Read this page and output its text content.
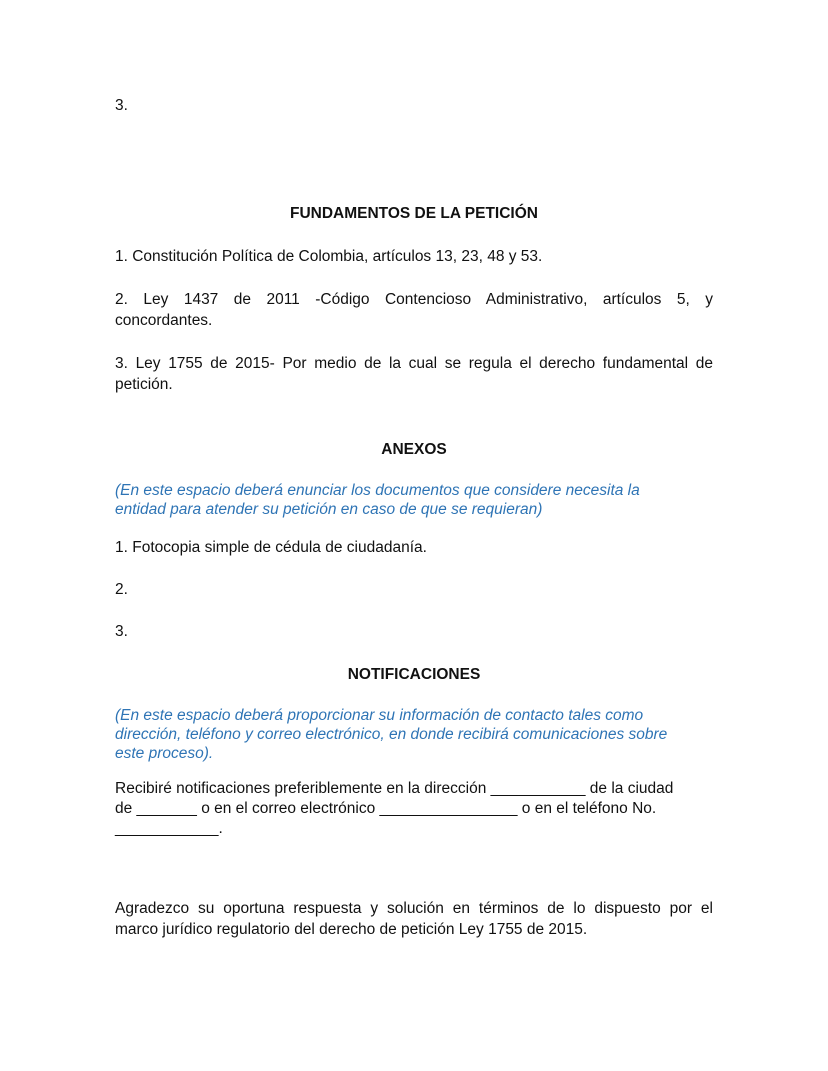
3.

FUNDAMENTOS DE LA PETICIÓN

1. Constitución Política de Colombia, artículos 13, 23, 48 y 53.

2. Ley 1437 de 2011 -Código Contencioso Administrativo, artículos 5, y
concordantes.
3. Ley 1755 de 2015- Por medio de la cual se regula el derecho fundamental de
petición.

ANEXOS

(En este espacio deberá enunciar los documentos que considere necesita la
entidad para atender su petición en caso de que se requieran)

1. Fotocopia simple de cédula de ciudadanía.

2.

3.

NOTIFICACIONES

(En este espacio deberá proporcionar su información de contacto tales como
dirección, teléfono y correo electrónico, en donde recibirá comunicaciones sobre
este proceso).
Recibiré notificaciones preferiblemente en la dirección ___________ de la ciudad
de _______ o en el correo electrónico ________________ o en el teléfono No.
____________.
Agradezco su oportuna respuesta y solución en términos de lo dispuesto por el
marco jurídico regulatorio del derecho de petición Ley 1755 de 2015.
